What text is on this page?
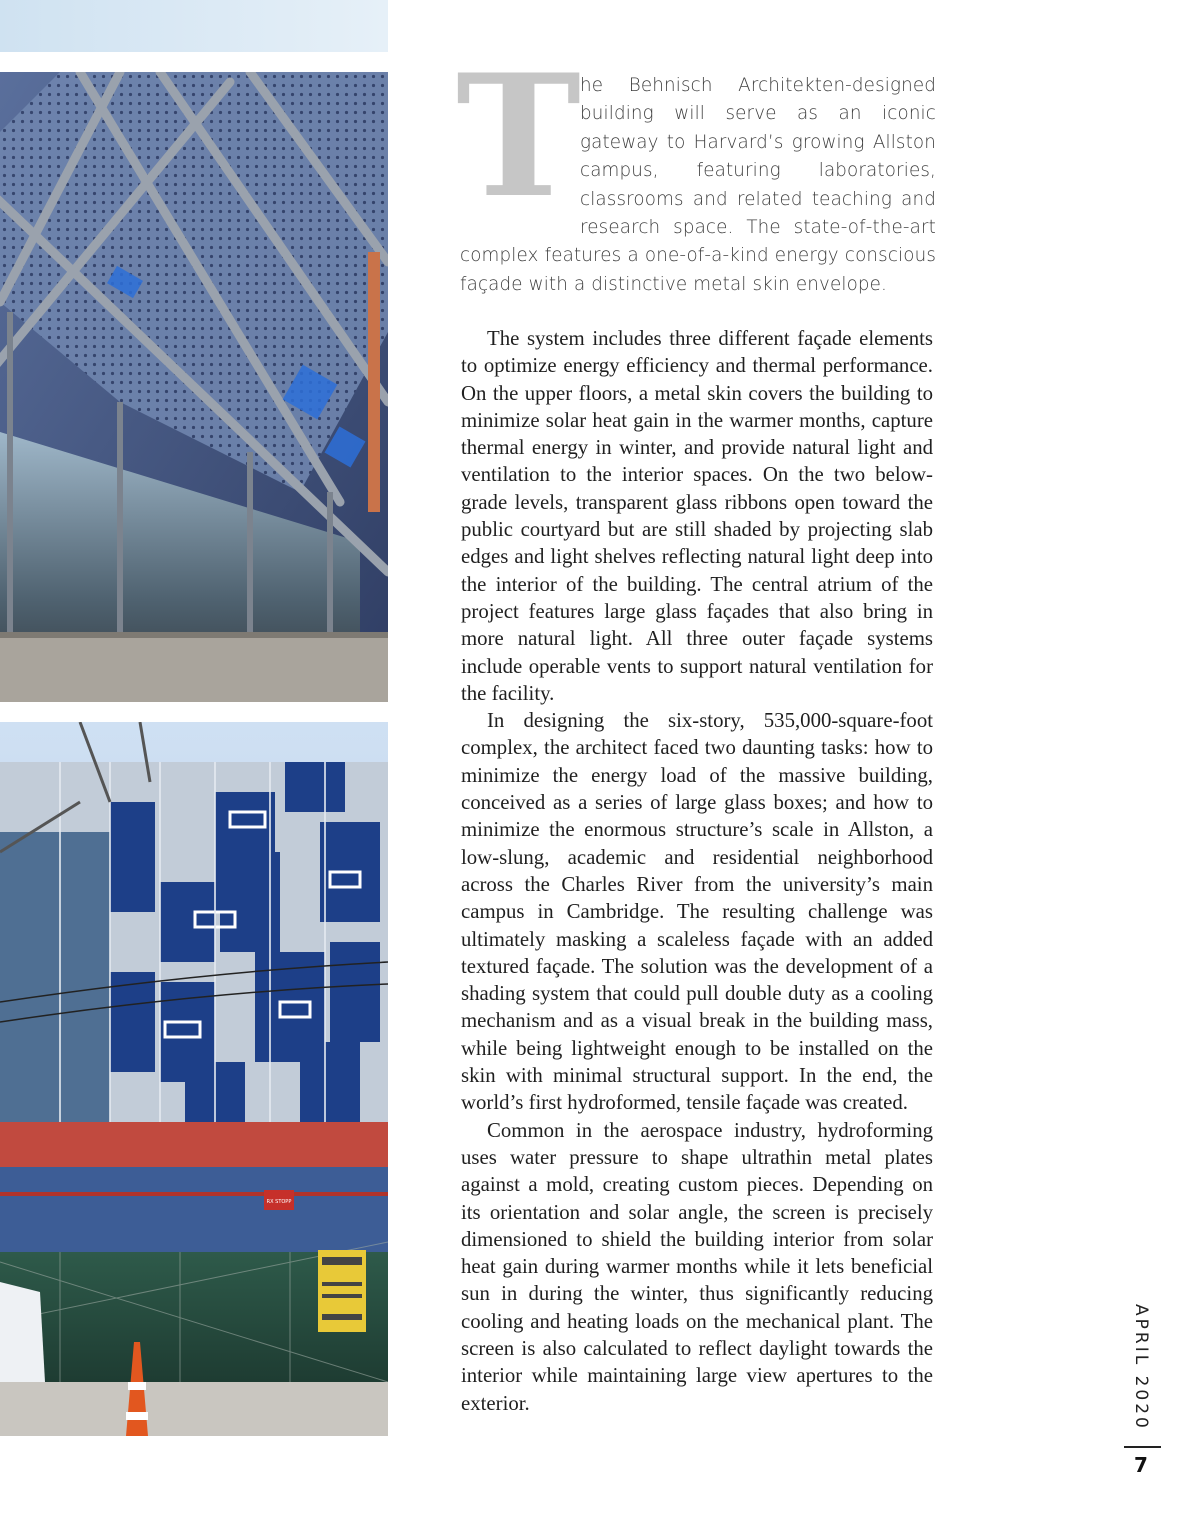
RX STOPP
T
he Behnisch Architekten-designed building will serve as an iconic gateway to Harvard’s growing Allston campus, featuring laboratories, classrooms and related teaching and research space. The state-of-the-art complex features a one-of-a-kind energy conscious façade with a distinctive metal skin envelope.

The system includes three different façade elements to optimize energy efficiency and thermal performance. On the upper floors, a metal skin covers the building to minimize solar heat gain in the warmer months, capture thermal energy in winter, and provide natural light and ventilation to the interior spaces. On the two below-grade levels, transparent glass ribbons open toward the public courtyard but are still shaded by projecting slab edges and light shelves reflecting natural light deep into the interior of the building. The central atrium of the project features large glass façades that also bring in more natural light. All three outer façade systems include operable vents to support natural ventilation for the facility.

In designing the six-story, 535,000-square-foot complex, the architect faced two daunting tasks: how to minimize the energy load of the massive building, conceived as a series of large glass boxes; and how to minimize the enormous structure’s scale in Allston, a low-slung, academic and residential neighborhood across the Charles River from the university’s main campus in Cambridge. The resulting challenge was ultimately masking a scaleless façade with an added textured façade. The solution was the development of a shading system that could pull double duty as a cooling mechanism and as a visual break in the building mass, while being lightweight enough to be installed on the skin with minimal structural support. In the end, the world’s first hydroformed, tensile façade was created.

Common in the aerospace industry, hydroforming uses water pressure to shape ultrathin metal plates against a mold, creating custom pieces. Depending on its orientation and solar angle, the screen is precisely dimensioned to shield the building interior from solar heat gain during warmer months while it lets beneficial sun in during the winter, thus significantly reducing cooling and heating loads on the mechanical plant. The screen is also calculated to reflect daylight towards the interior while maintaining large view apertures to the exterior.	APRIL 2020
7
